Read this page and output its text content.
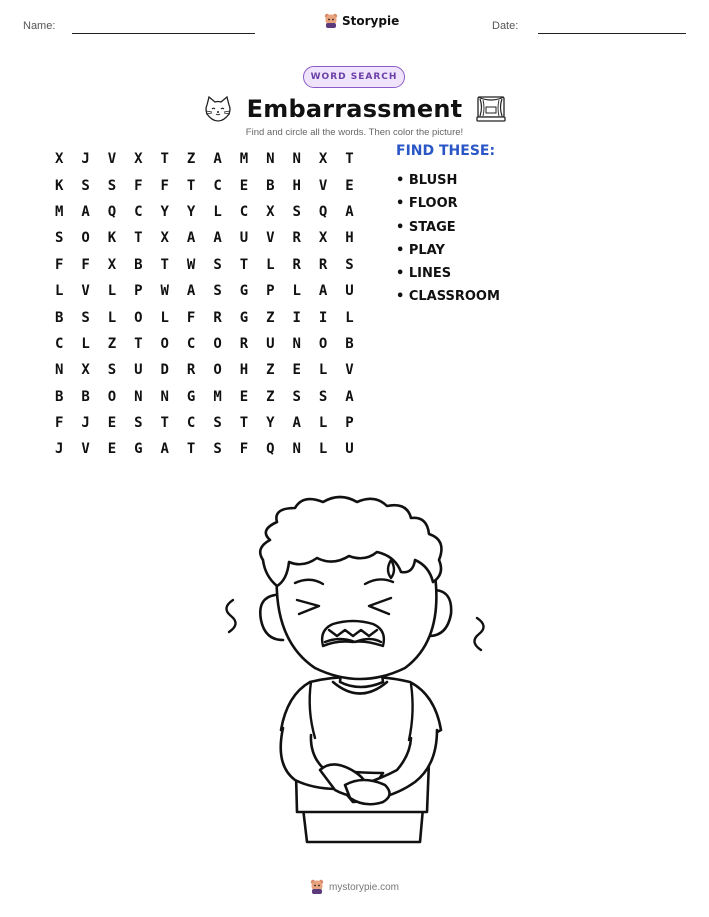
Name:	Storypie	Date:
WORD SEARCH
Embarrassment
Find and circle all the words. Then color the picture!
X	J	V	X	T	Z	A	M	N	N	X	T
K	S	S	F	F	T	C	E	B	H	V	E
M	A	Q	C	Y	Y	L	C	X	S	Q	A
S	O	K	T	X	A	A	U	V	R	X	H
F	F	X	B	T	W	S	T	L	R	R	S
L	V	L	P	W	A	S	G	P	L	A	U
B	S	L	O	L	F	R	G	Z	I	I	L
C	L	Z	T	O	C	O	R	U	N	O	B
N	X	S	U	D	R	O	H	Z	E	L	V
B	B	O	N	N	G	M	E	Z	S	S	A
F	J	E	S	T	C	S	T	Y	A	L	P
J	V	E	G	A	T	S	F	Q	N	L	U
FIND THESE:
• BLUSH
• FLOOR
• STAGE
• PLAY
• LINES
• CLASSROOM
mystorypie.com
